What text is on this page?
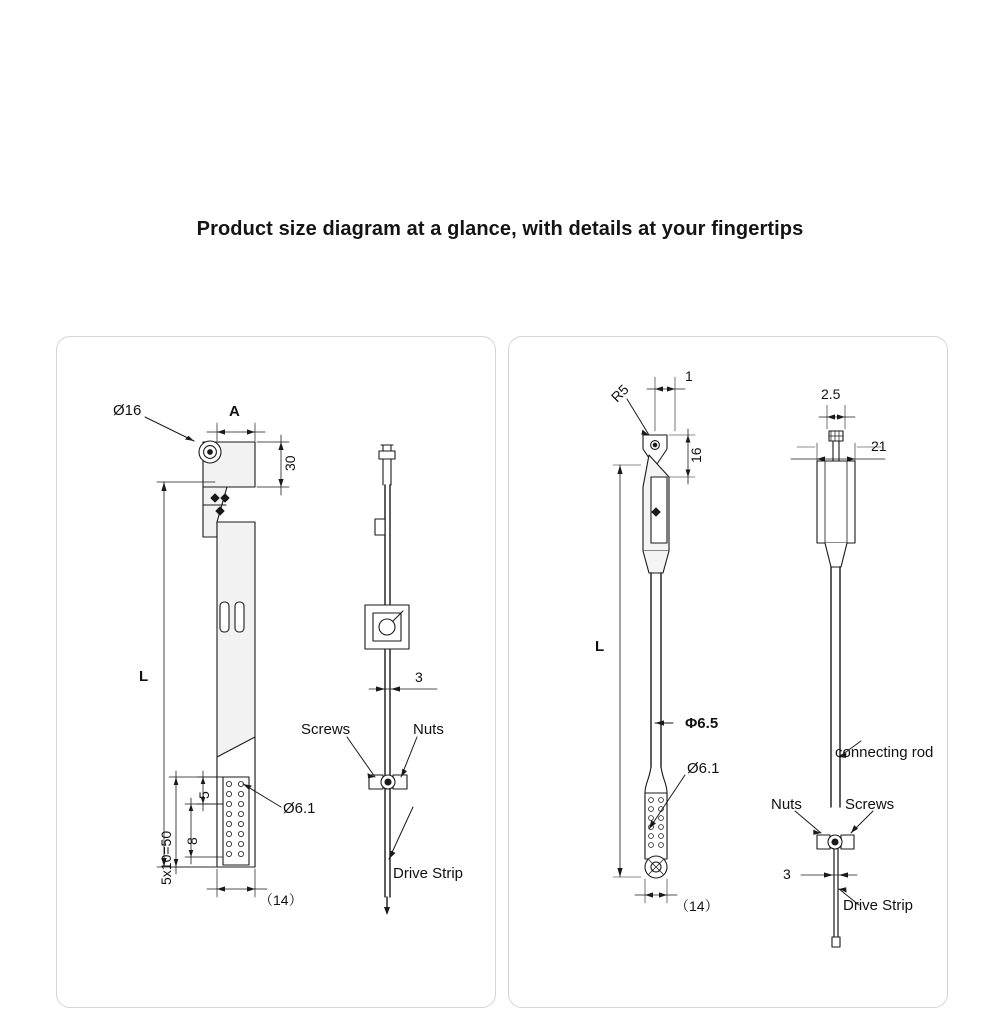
Product size diagram at a glance, with details at your fingertips
Ø16	A
30
L
5
8
5x10=50
（14）
Ø6.1
3
Screws	Nuts
Drive Strip
1
R5
16
L
Φ6.5
Ø6.1
（14）
2.5
21
connecting rod
Nuts	Screws
3
Drive Strip
